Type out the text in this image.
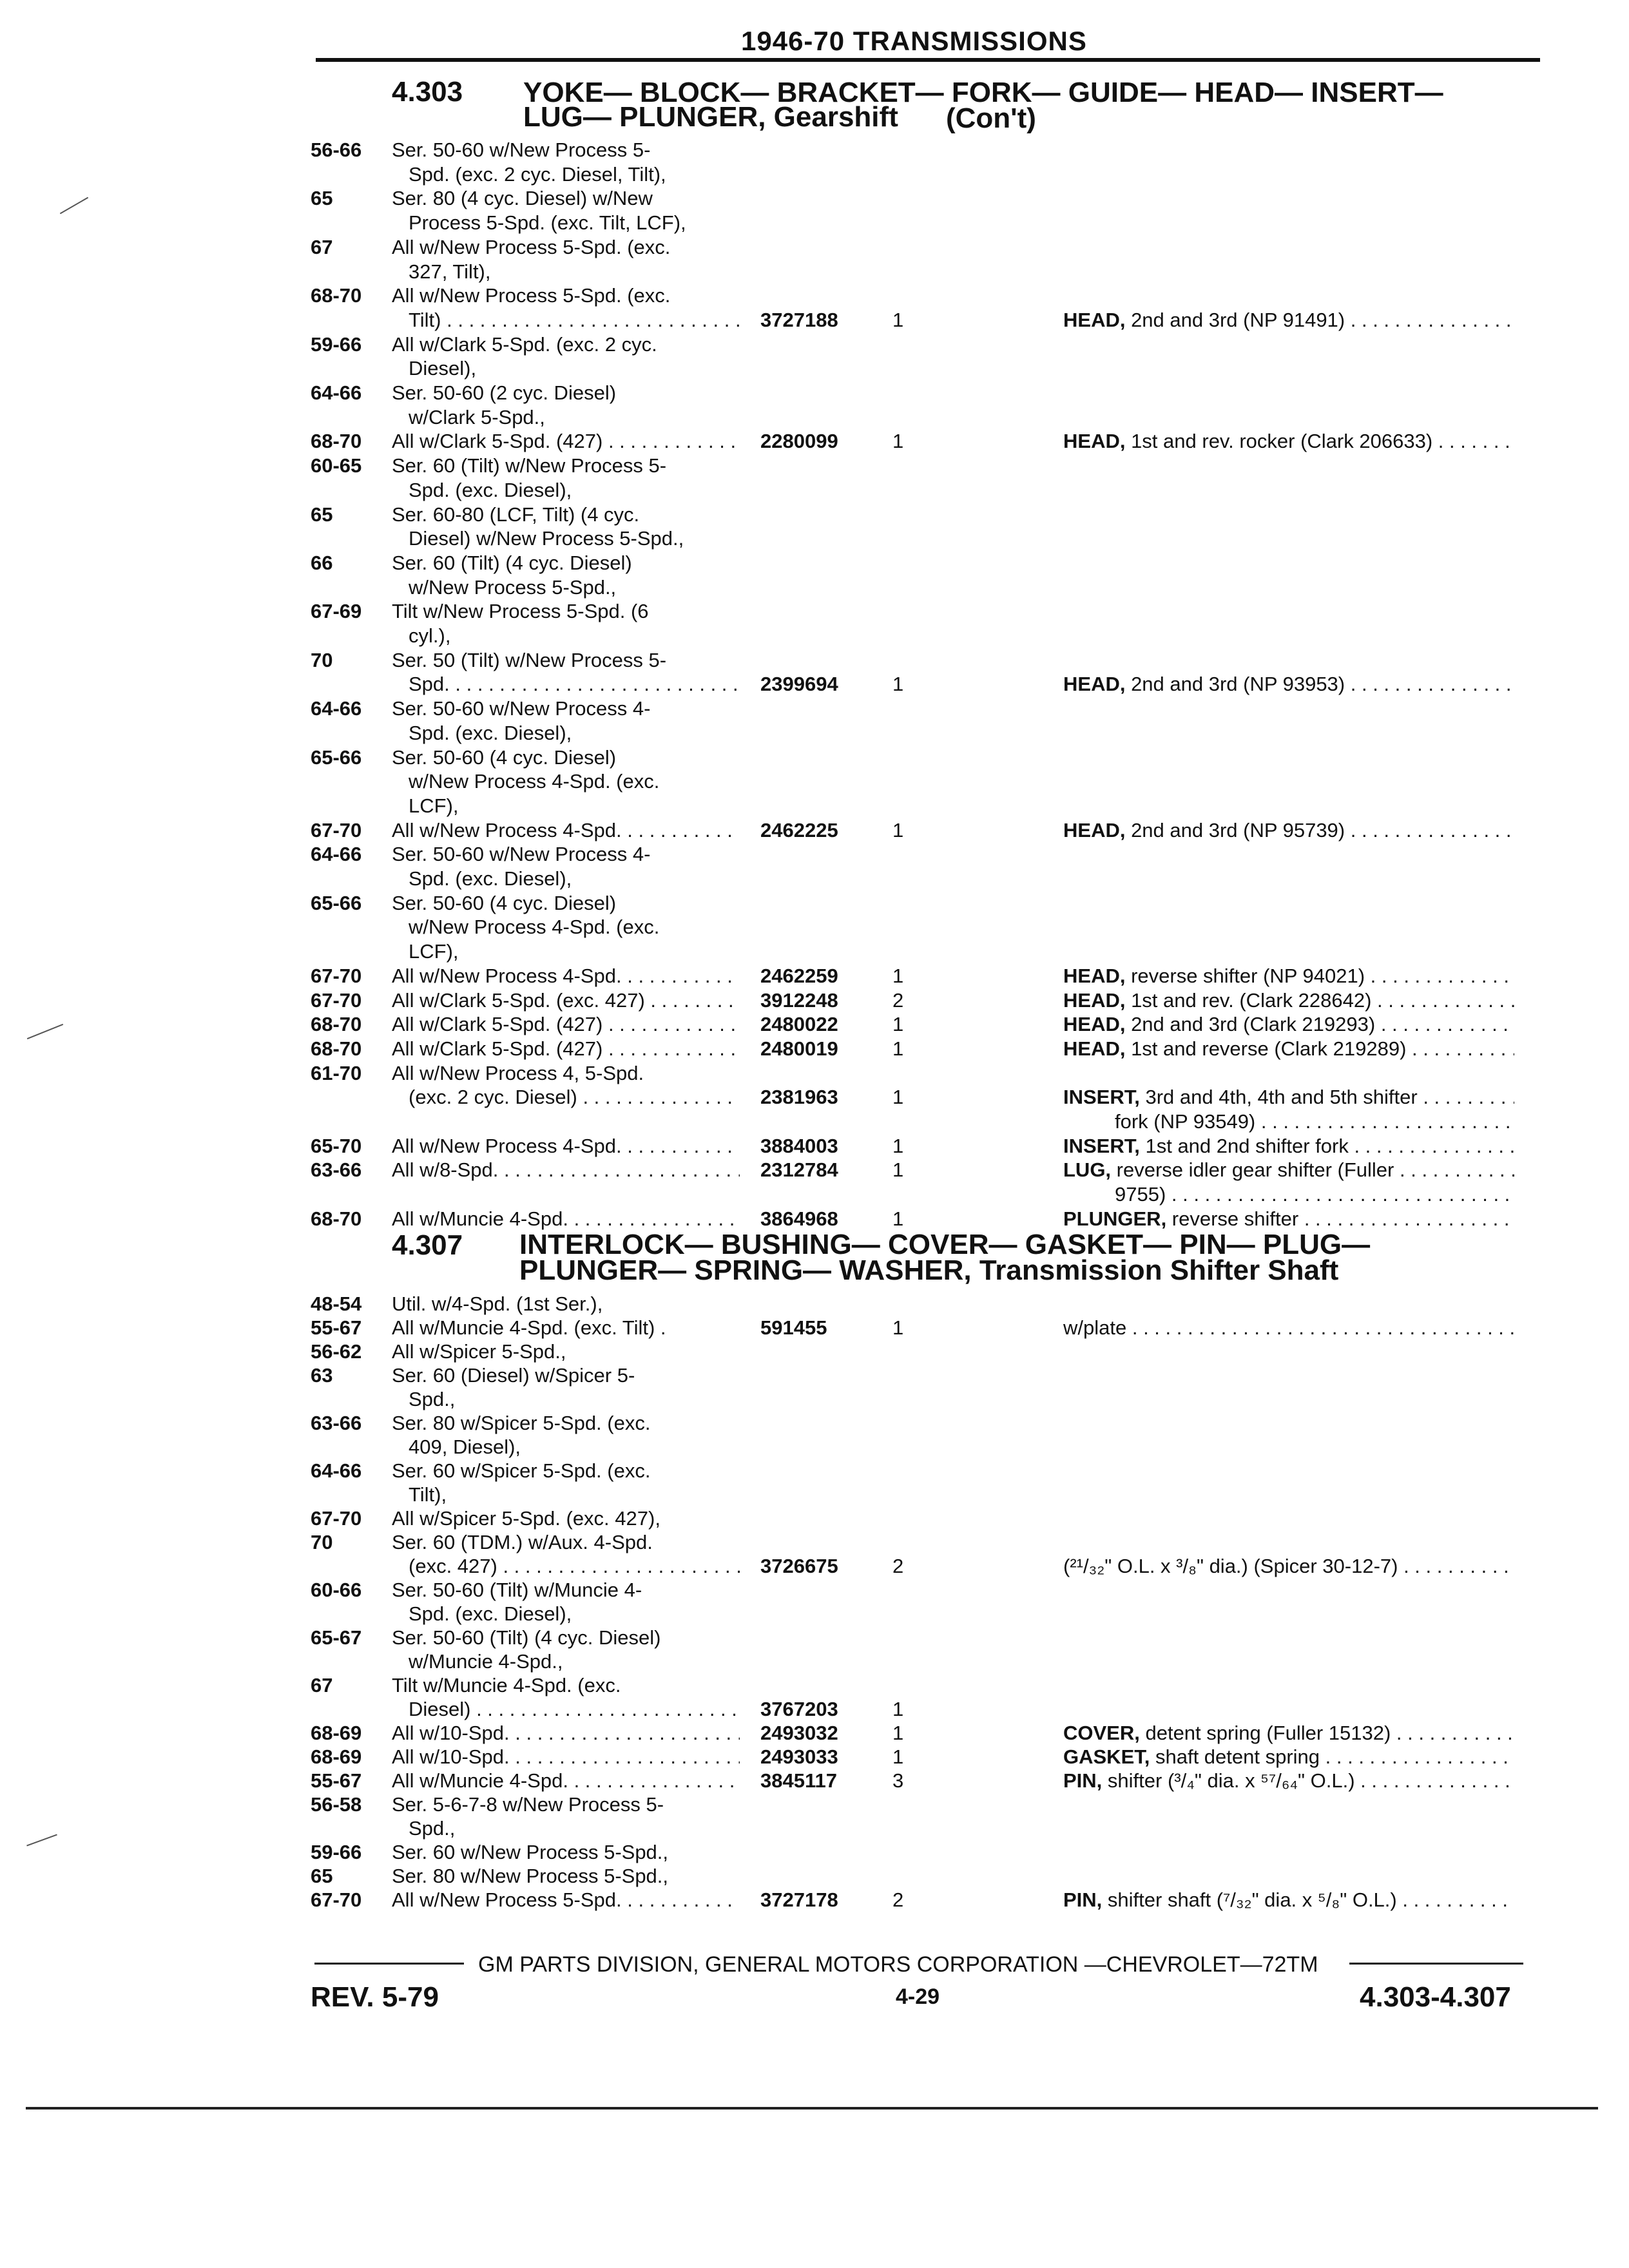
1946-70 TRANSMISSIONS
4.303 YOKE— BLOCK— BRACKET— FORK— GUIDE— HEAD— INSERT—
LUG— PLUNGER, Gearshift (Con't)
56-66 Ser. 50-60 w/New Process 5-
Spd. (exc. 2 cyc. Diesel, Tilt),
65	Ser. 80 (4 cyc. Diesel) w/New
Process 5-Spd. (exc. Tilt, LCF),
67	All w/New Process 5-Spd. (exc.
327, Tilt),
68-70 All w/New Process 5-Spd. (exc.
Tilt) . . .	3727188	1	HEAD, 2nd and 3rd (NP 91491) . . .
59-66 All w/Clark 5-Spd. (exc. 2 cyc.
Diesel),
64-66 Ser. 50-60 (2 cyc. Diesel)
w/Clark 5-Spd.,
68-70 All w/Clark 5-Spd. (427) . . .	2280099	1	HEAD, 1st and rev. rocker (Clark 206633) . . .
60-65 Ser. 60 (Tilt) w/New Process 5-
Spd. (exc. Diesel),
65	Ser. 60-80 (LCF, Tilt) (4 cyc.
Diesel) w/New Process 5-Spd.,
66	Ser. 60 (Tilt) (4 cyc. Diesel)
w/New Process 5-Spd.,
67-69 Tilt w/New Process 5-Spd. (6
cyl.),
70	Ser. 50 (Tilt) w/New Process 5-
Spd. . . .	2399694	1	HEAD, 2nd and 3rd (NP 93953) . . .
64-66 Ser. 50-60 w/New Process 4-
Spd. (exc. Diesel),
65-66 Ser. 50-60 (4 cyc. Diesel)
w/New Process 4-Spd. (exc.
LCF),
67-70 All w/New Process 4-Spd. . . .	2462225	1	HEAD, 2nd and 3rd (NP 95739) . . .
64-66 Ser. 50-60 w/New Process 4-
Spd. (exc. Diesel),
65-66 Ser. 50-60 (4 cyc. Diesel)
w/New Process 4-Spd. (exc.
LCF),
67-70 All w/New Process 4-Spd. . . .	2462259	1	HEAD, reverse shifter (NP 94021) . . .
67-70 All w/Clark 5-Spd. (exc. 427) . . .	3912248	2	HEAD, 1st and rev. (Clark 228642) . . .
68-70 All w/Clark 5-Spd. (427) . . .	2480022	1	HEAD, 2nd and 3rd (Clark 219293) . . .
68-70 All w/Clark 5-Spd. (427) . . .	2480019	1	HEAD, 1st and reverse (Clark 219289) . . .
61-70 All w/New Process 4, 5-Spd.
(exc. 2 cyc. Diesel) . . .	2381963	1	INSERT, 3rd and 4th, 4th and 5th shifter . . .
fork (NP 93549) . . .
65-70 All w/New Process 4-Spd. . . .	3884003	1	INSERT, 1st and 2nd shifter fork . . .
63-66 All w/8-Spd. . . .	2312784	1	LUG, reverse idler gear shifter (Fuller . . .
9755) . . .
68-70 All w/Muncie 4-Spd. . . .	3864968	1	PLUNGER, reverse shifter . . .
4.307 INTERLOCK— BUSHING— COVER— GASKET— PIN— PLUG—
PLUNGER— SPRING— WASHER, Transmission Shifter Shaft
48-54 Util. w/4-Spd. (1st Ser.),
55-67 All w/Muncie 4-Spd. (exc. Tilt) .	591455	1	w/plate . . .
56-62 All w/Spicer 5-Spd.,
63	Ser. 60 (Diesel) w/Spicer 5-
Spd.,
63-66 Ser. 80 w/Spicer 5-Spd. (exc.
409, Diesel),
64-66 Ser. 60 w/Spicer 5-Spd. (exc.
Tilt),
67-70 All w/Spicer 5-Spd. (exc. 427),
70	Ser. 60 (TDM.) w/Aux. 4-Spd.
(exc. 427) . . .	3726675	2	(²¹/₃₂" O.L. x ³/₈" dia.) (Spicer 30-12-7) . . .
60-66 Ser. 50-60 (Tilt) w/Muncie 4-
Spd. (exc. Diesel),
65-67 Ser. 50-60 (Tilt) (4 cyc. Diesel)
w/Muncie 4-Spd.,
67	Tilt w/Muncie 4-Spd. (exc.
Diesel) . . .	3767203	1
68-69 All w/10-Spd. . . .	2493032	1	COVER, detent spring (Fuller 15132) . . .
68-69 All w/10-Spd. . . .	2493033	1	GASKET, shaft detent spring . . .
55-67 All w/Muncie 4-Spd. . . .	3845117	3	PIN, shifter (³/₄" dia. x ⁵⁷/₆₄" O.L.) . . .
56-58 Ser. 5-6-7-8 w/New Process 5-
Spd.,
59-66 Ser. 60 w/New Process 5-Spd.,
65	Ser. 80 w/New Process 5-Spd.,
67-70 All w/New Process 5-Spd. . . .	3727178	2	PIN, shifter shaft (⁷/₃₂" dia. x ⁵/₈" O.L.) . . .
GM PARTS DIVISION, GENERAL MOTORS CORPORATION —CHEVROLET—72TM
REV. 5-79	4-29	4.303-4.307
